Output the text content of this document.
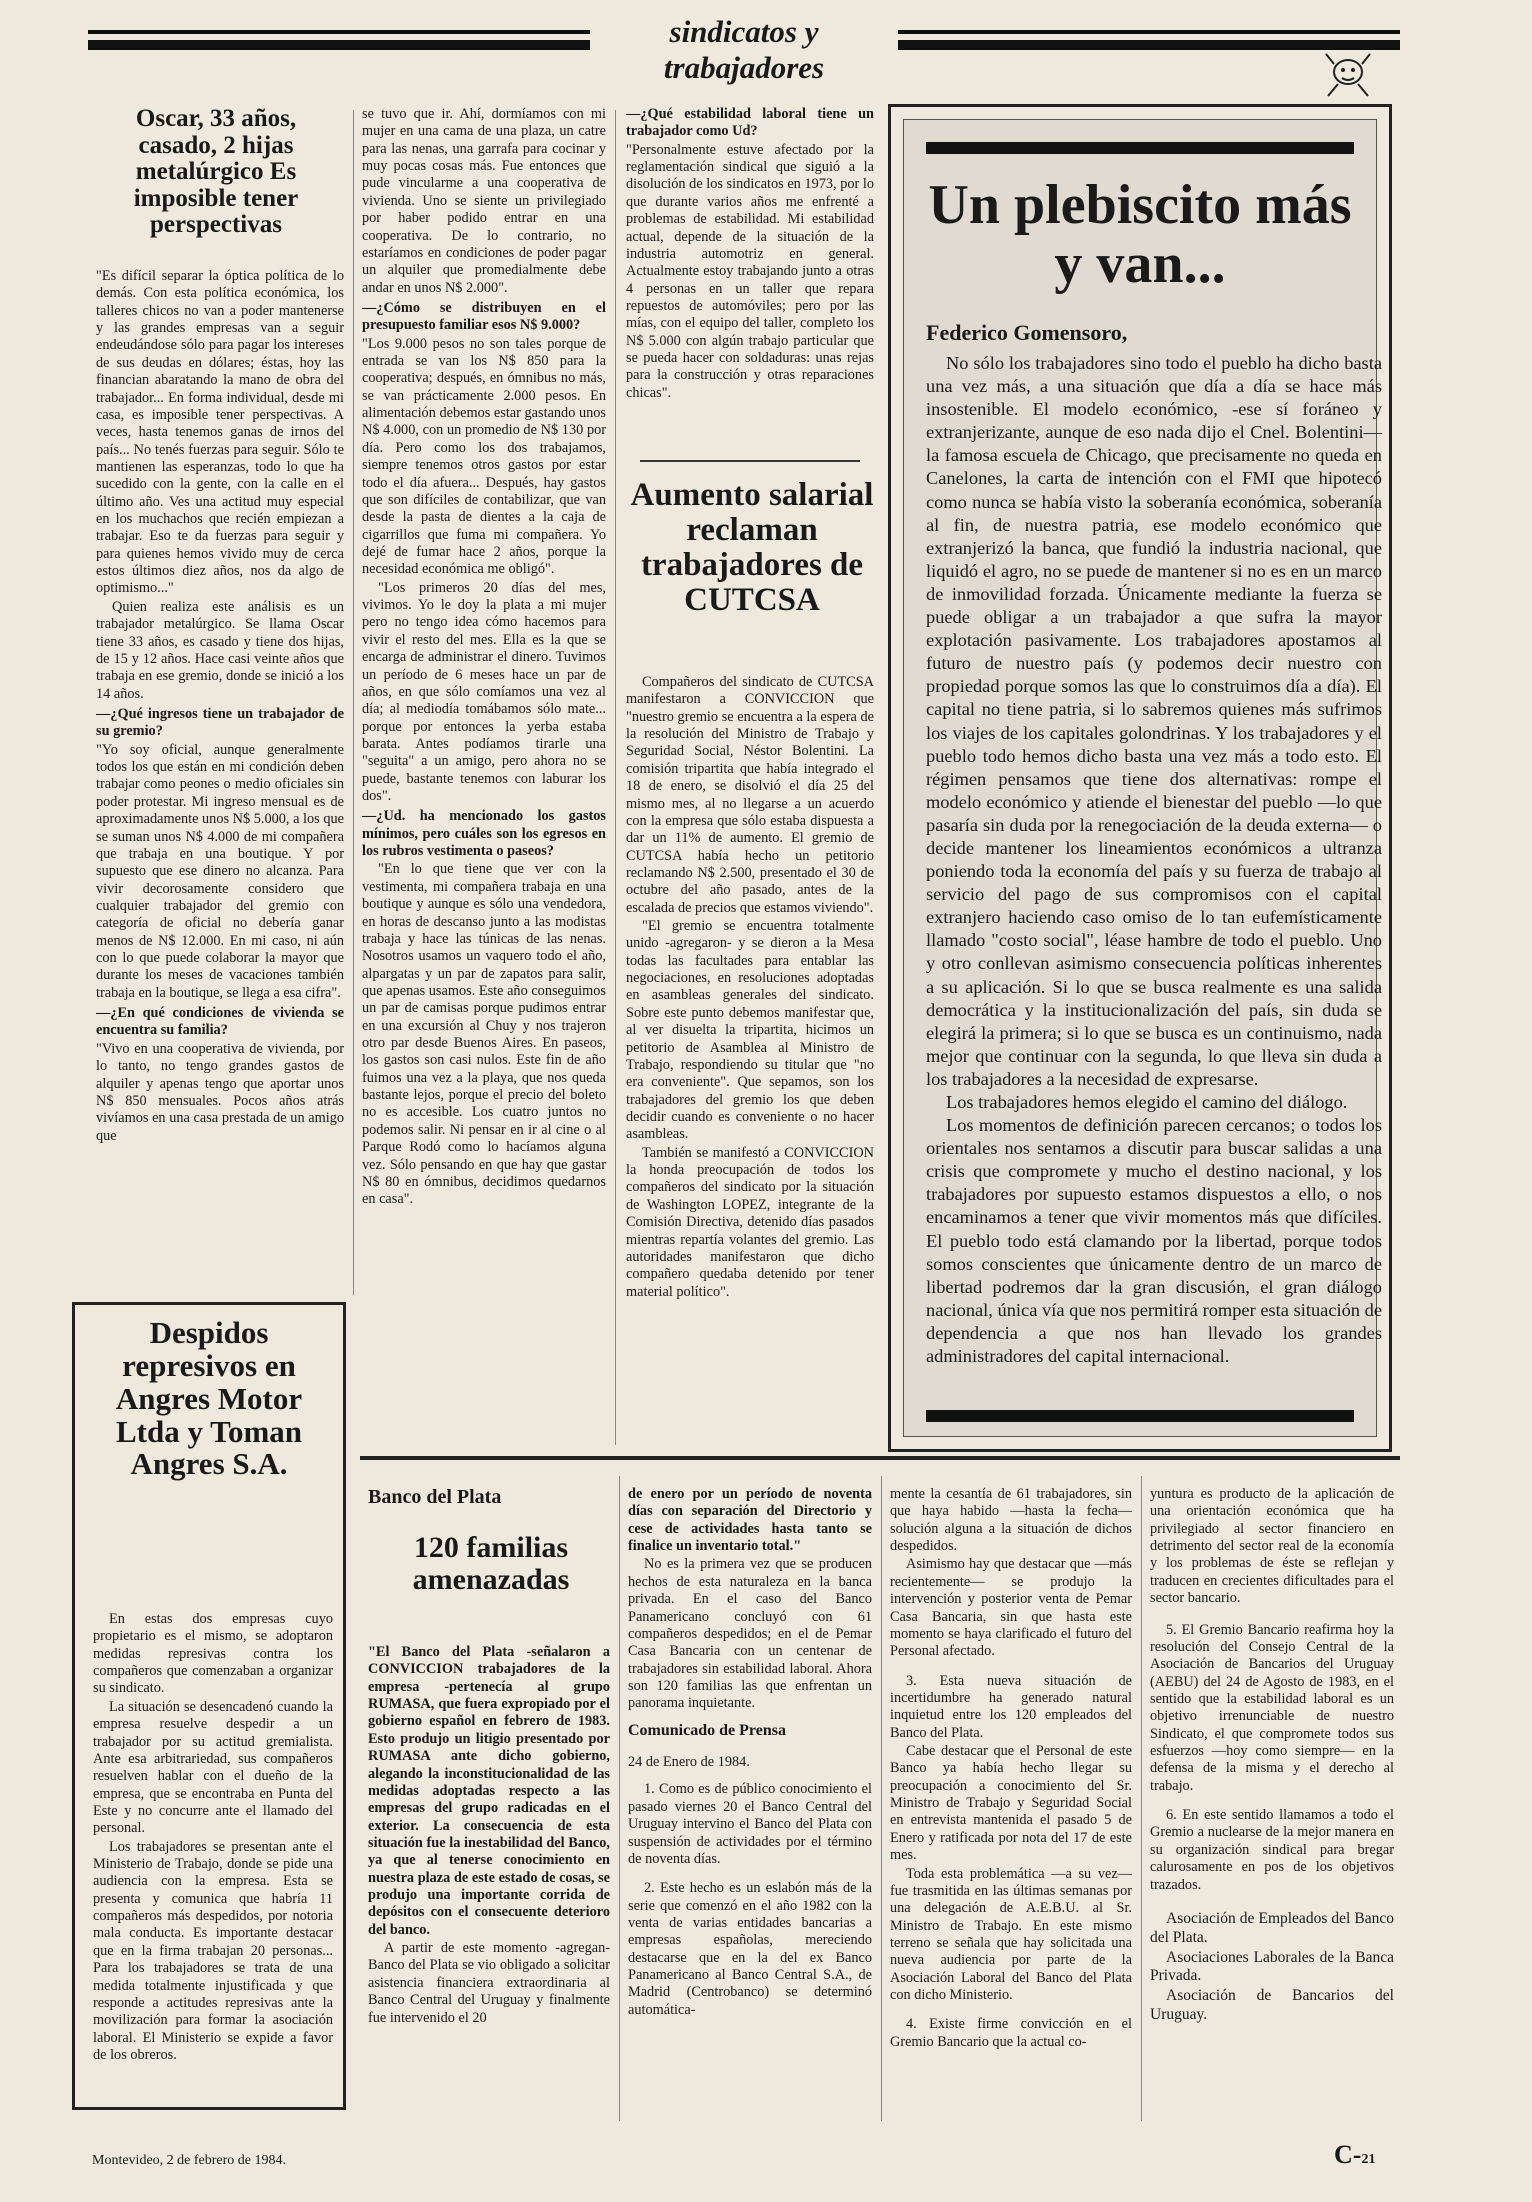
sindicatos y trabajadores
Oscar, 33 años, casado, 2 hijas metalúrgico Es imposible tener perspectivas

"Es difícil separar la óptica política de lo demás. Con esta política económica, los talleres chicos no van a poder mantenerse y las grandes empresas van a seguir endeudándose sólo para pagar los intereses de sus deudas en dólares; éstas, hoy las financian abaratando la mano de obra del trabajador... En forma individual, desde mi casa, es imposible tener perspectivas. A veces, hasta tenemos ganas de irnos del país... No tenés fuerzas para seguir. Sólo te mantienen las esperanzas, todo lo que ha sucedido con la gente, con la calle en el último año. Ves una actitud muy especial en los muchachos que recién empiezan a trabajar. Eso te da fuerzas para seguir y para quienes hemos vivido muy de cerca estos últimos diez años, nos da algo de optimismo..."

Quien realiza este análisis es un trabajador metalúrgico. Se llama Oscar tiene 33 años, es casado y tiene dos hijas, de 15 y 12 años. Hace casi veinte años que trabaja en ese gremio, donde se inició a los 14 años.

—¿Qué ingresos tiene un trabajador de su gremio?

"Yo soy oficial, aunque generalmente todos los que están en mi condición deben trabajar como peones o medio oficiales sin poder protestar. Mi ingreso mensual es de aproximadamente unos N$ 5.000, a los que se suman unos N$ 4.000 de mi compañera que trabaja en una boutique. Y por supuesto que ese dinero no alcanza. Para vivir decorosamente considero que cualquier trabajador del gremio con categoría de oficial no debería ganar menos de N$ 12.000. En mi caso, ni aún con lo que puede colaborar la mayor que durante los meses de vacaciones también trabaja en la boutique, se llega a esa cifra".

—¿En qué condiciones de vivienda se encuentra su familia?

"Vivo en una cooperativa de vivienda, por lo tanto, no tengo grandes gastos de alquiler y apenas tengo que aportar unos N$ 850 mensuales. Pocos años atrás vivíamos en una casa prestada de un amigo que

se tuvo que ir. Ahí, dormíamos con mi mujer en una cama de una plaza, un catre para las nenas, una garrafa para cocinar y muy pocas cosas más. Fue entonces que pude vincularme a una cooperativa de vivienda. Uno se siente un privilegiado por haber podido entrar en una cooperativa. De lo contrario, no estaríamos en condiciones de poder pagar un alquiler que promedialmente debe andar en unos N$ 2.000".

—¿Cómo se distribuyen en el presupuesto familiar esos N$ 9.000?

"Los 9.000 pesos no son tales porque de entrada se van los N$ 850 para la cooperativa; después, en ómnibus no más, se van prácticamente 2.000 pesos. En alimentación debemos estar gastando unos N$ 4.000, con un promedio de N$ 130 por día. Pero como los dos trabajamos, siempre tenemos otros gastos por estar todo el día afuera... Después, hay gastos que son difíciles de contabilizar, que van desde la pasta de dientes a la caja de cigarrillos que fuma mi compañera. Yo dejé de fumar hace 2 años, porque la necesidad económica me obligó".

"Los primeros 20 días del mes, vivimos. Yo le doy la plata a mi mujer pero no tengo idea cómo hacemos para vivir el resto del mes. Ella es la que se encarga de administrar el dinero. Tuvimos un período de 6 meses hace un par de años, en que sólo comíamos una vez al día; al mediodía tomábamos sólo mate... porque por entonces la yerba estaba barata. Antes podíamos tirarle una "seguita" a un amigo, pero ahora no se puede, bastante tenemos con laburar los dos".

—¿Ud. ha mencionado los gastos mínimos, pero cuáles son los egresos en los rubros vestimenta o paseos?

"En lo que tiene que ver con la vestimenta, mi compañera trabaja en una boutique y aunque es sólo una vendedora, en horas de descanso junto a las modistas trabaja y hace las túnicas de las nenas. Nosotros usamos un vaquero todo el año, alpargatas y un par de zapatos para salir, que apenas usamos. Este año conseguimos un par de camisas porque pudimos entrar en una excursión al Chuy y nos trajeron otro par desde Buenos Aires. En paseos, los gastos son casi nulos. Este fin de año fuimos una vez a la playa, que nos queda bastante lejos, porque el precio del boleto no es accesible. Los cuatro juntos no podemos salir. Ni pensar en ir al cine o al Parque Rodó como lo hacíamos alguna vez. Sólo pensando en que hay que gastar N$ 80 en ómnibus, decidimos quedarnos en casa".

—¿Qué estabilidad laboral tiene un trabajador como Ud?

"Personalmente estuve afectado por la reglamentación sindical que siguió a la disolución de los sindicatos en 1973, por lo que durante varios años me enfrenté a problemas de estabilidad. Mi estabilidad actual, depende de la situación de la industria automotriz en general. Actualmente estoy trabajando junto a otras 4 personas en un taller que repara repuestos de automóviles; pero por las mías, con el equipo del taller, completo los N$ 5.000 con algún trabajo particular que se pueda hacer con soldaduras: unas rejas para la construcción y otras reparaciones chicas".

Aumento salarial reclaman trabajadores de CUTCSA

Compañeros del sindicato de CUTCSA manifestaron a CONVICCION que "nuestro gremio se encuentra a la espera de la resolución del Ministro de Trabajo y Seguridad Social, Néstor Bolentini. La comisión tripartita que había integrado el 18 de enero, se disolvió el día 25 del mismo mes, al no llegarse a un acuerdo con la empresa que sólo estaba dispuesta a dar un 11% de aumento. El gremio de CUTCSA había hecho un petitorio reclamando N$ 2.500, presentado el 30 de octubre del año pasado, antes de la escalada de precios que estamos viviendo".

"El gremio se encuentra totalmente unido -agregaron- y se dieron a la Mesa todas las facultades para entablar las negociaciones, en resoluciones adoptadas en asambleas generales del sindicato. Sobre este punto debemos manifestar que, al ver disuelta la tripartita, hicimos un petitorio de Asamblea al Ministro de Trabajo, respondiendo su titular que "no era conveniente". Que sepamos, son los trabajadores del gremio los que deben decidir cuando es conveniente o no hacer asambleas.

También se manifestó a CONVICCION la honda preocupación de todos los compañeros del sindicato por la situación de Washington LOPEZ, integrante de la Comisión Directiva, detenido días pasados mientras repartía volantes del gremio. Las autoridades manifestaron que dicho compañero quedaba detenido por tener material político".

Un plebiscito más y van...
Federico Gomensoro,

No sólo los trabajadores sino todo el pueblo ha dicho basta una vez más, a una situación que día a día se hace más insostenible. El modelo económico, -ese sí foráneo y extranjerizante, aunque de eso nada dijo el Cnel. Bolentini— la famosa escuela de Chicago, que precisamente no queda en Canelones, la carta de intención con el FMI que hipotecó como nunca se había visto la soberanía económica, soberanía al fin, de nuestra patria, ese modelo económico que extranjerizó la banca, que fundió la industria nacional, que liquidó el agro, no se puede de mantener si no es en un marco de inmovilidad forzada. Únicamente mediante la fuerza se puede obligar a un trabajador a que sufra la mayor explotación pasivamente. Los trabajadores apostamos al futuro de nuestro país (y podemos decir nuestro con propiedad porque somos las que lo construimos día a día). El capital no tiene patria, si lo sabremos quienes más sufrimos los viajes de los capitales golondrinas. Y los trabajadores y el pueblo todo hemos dicho basta una vez más a todo esto. El régimen pensamos que tiene dos alternativas: rompe el modelo económico y atiende el bienestar del pueblo —lo que pasaría sin duda por la renegociación de la deuda externa— o decide mantener los lineamientos económicos a ultranza poniendo toda la economía del país y su fuerza de trabajo al servicio del pago de sus compromisos con el capital extranjero haciendo caso omiso de lo tan eufemísticamente llamado "costo social", léase hambre de todo el pueblo. Uno y otro conllevan asimismo consecuencia políticas inherentes a su aplicación. Si lo que se busca realmente es una salida democrática y la institucionalización del país, sin duda se elegirá la primera; si lo que se busca es un continuismo, nada mejor que continuar con la segunda, lo que lleva sin duda a los trabajadores a la necesidad de expresarse.

Los trabajadores hemos elegido el camino del diálogo.

Los momentos de definición parecen cercanos; o todos los orientales nos sentamos a discutir para buscar salidas a una crisis que compromete y mucho el destino nacional, y los trabajadores por supuesto estamos dispuestos a ello, o nos encaminamos a tener que vivir momentos más que difíciles. El pueblo todo está clamando por la libertad, porque todos somos conscientes que únicamente dentro de un marco de libertad podremos dar la gran discusión, el gran diálogo nacional, única vía que nos permitirá romper esta situación de dependencia a que nos han llevado los grandes administradores del capital internacional.

Despidos represivos en Angres Motor Ltda y Toman Angres S.A.

En estas dos empresas cuyo propietario es el mismo, se adoptaron medidas represivas contra los compañeros que comenzaban a organizar su sindicato.

La situación se desencadenó cuando la empresa resuelve despedir a un trabajador por su actitud gremialista. Ante esa arbitrariedad, sus compañeros resuelven hablar con el dueño de la empresa, que se encontraba en Punta del Este y no concurre ante el llamado del personal.

Los trabajadores se presentan ante el Ministerio de Trabajo, donde se pide una audiencia con la empresa. Esta se presenta y comunica que habría 11 compañeros más despedidos, por notoria mala conducta. Es importante destacar que en la firma trabajan 20 personas... Para los trabajadores se trata de una medida totalmente injustificada y que responde a actitudes represivas ante la movilización para formar la asociación laboral. El Ministerio se expide a favor de los obreros.

Banco del Plata
120 familias amenazadas

"El Banco del Plata -señalaron a CONVICCION trabajadores de la empresa -pertenecía al grupo RUMASA, que fuera expropiado por el gobierno español en febrero de 1983. Esto produjo un litigio presentado por RUMASA ante dicho gobierno, alegando la inconstitucionalidad de las medidas adoptadas respecto a las empresas del grupo radicadas en el exterior. La consecuencia de esta situación fue la inestabilidad del Banco, ya que al tenerse conocimiento en nuestra plaza de este estado de cosas, se produjo una importante corrida de depósitos con el consecuente deterioro del banco.

A partir de este momento -agregan- Banco del Plata se vio obligado a solicitar asistencia financiera extraordinaria al Banco Central del Uruguay y finalmente fue intervenido el 20

de enero por un período de noventa días con separación del Directorio y cese de actividades hasta tanto se finalice un inventario total."

No es la primera vez que se producen hechos de esta naturaleza en la banca privada. En el caso del Banco Panamericano concluyó con 61 compañeros despedidos; en el de Pemar Casa Bancaria con un centenar de trabajadores sin estabilidad laboral. Ahora son 120 familias las que enfrentan un panorama inquietante.

Comunicado de Prensa

24 de Enero de 1984.

1. Como es de público conocimiento el pasado viernes 20 el Banco Central del Uruguay intervino el Banco del Plata con suspensión de actividades por el término de noventa días.

2. Este hecho es un eslabón más de la serie que comenzó en el año 1982 con la venta de varias entidades bancarias a empresas españolas, mereciendo destacarse que en la del ex Banco Panamericano al Banco Central S.A., de Madrid (Centrobanco) se determinó automática-

mente la cesantía de 61 trabajadores, sin que haya habido —hasta la fecha— solución alguna a la situación de dichos despedidos.

Asimismo hay que destacar que —más recientemente— se produjo la intervención y posterior venta de Pemar Casa Bancaria, sin que hasta este momento se haya clarificado el futuro del Personal afectado.

3. Esta nueva situación de incertidumbre ha generado natural inquietud entre los 120 empleados del Banco del Plata.

Cabe destacar que el Personal de este Banco ya había hecho llegar su preocupación a conocimiento del Sr. Ministro de Trabajo y Seguridad Social en entrevista mantenida el pasado 5 de Enero y ratificada por nota del 17 de este mes.

Toda esta problemática —a su vez— fue trasmitida en las últimas semanas por una delegación de A.E.B.U. al Sr. Ministro de Trabajo. En este mismo terreno se señala que hay solicitada una nueva audiencia por parte de la Asociación Laboral del Banco del Plata con dicho Ministerio.

4. Existe firme convicción en el Gremio Bancario que la actual co-

yuntura es producto de la aplicación de una orientación económica que ha privilegiado al sector financiero en detrimento del sector real de la economía y los problemas de éste se reflejan y traducen en crecientes dificultades para el sector bancario.

5. El Gremio Bancario reafirma hoy la resolución del Consejo Central de la Asociación de Bancarios del Uruguay (AEBU) del 24 de Agosto de 1983, en el sentido que la estabilidad laboral es un objetivo irrenunciable de nuestro Sindicato, el que compromete todos sus esfuerzos —hoy como siempre— en la defensa de la misma y el derecho al trabajo.

6. En este sentido llamamos a todo el Gremio a nuclearse de la mejor manera en su organización sindical para bregar calurosamente en pos de los objetivos trazados.

Asociación de Empleados del Banco del Plata.

Asociaciones Laborales de la Banca Privada.

Asociación de Bancarios del Uruguay.

Montevideo, 2 de febrero de 1984.	C-21
